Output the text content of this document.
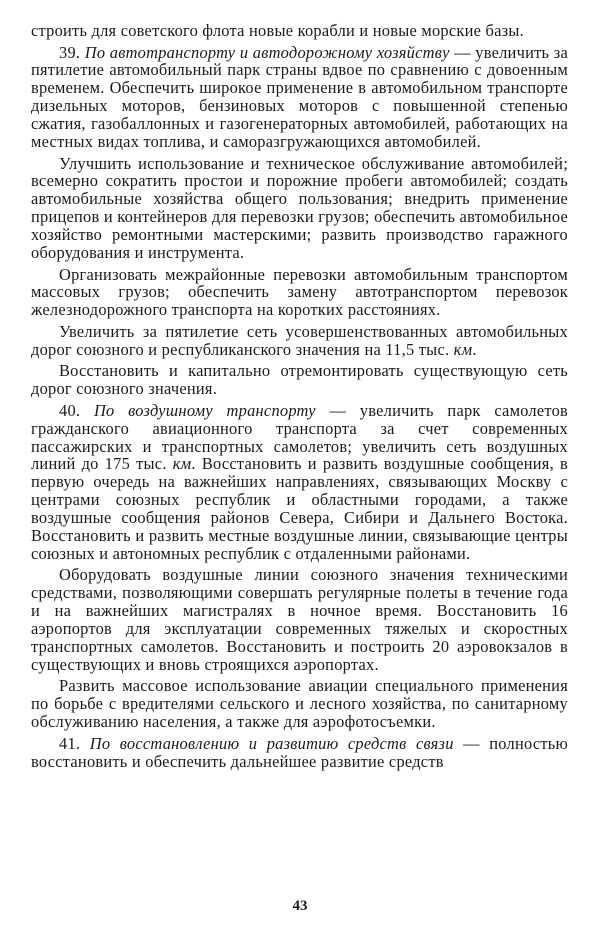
строить для советского флота новые корабли и новые морские базы.

39. По автотранспорту и автодорожному хозяйству — увеличить за пятилетие автомобильный парк страны вдвое по сравнению с довоенным временем. Обеспечить широкое применение в автомобильном транспорте дизельных моторов, бензиновых моторов с повышенной степенью сжатия, газобаллонных и газогенераторных автомобилей, работающих на местных видах топлива, и саморазгружающихся автомобилей.

Улучшить использование и техническое обслуживание автомобилей; всемерно сократить простои и порожние пробеги автомобилей; создать автомобильные хозяйства общего пользования; внедрить применение прицепов и контейнеров для перевозки грузов; обеспечить автомобильное хозяйство ремонтными мастерскими; развить производство гаражного оборудования и инструмента.

Организовать межрайонные перевозки автомобильным транспортом массовых грузов; обеспечить замену автотранспортом перевозок железнодорожного транспорта на коротких расстояниях.

Увеличить за пятилетие сеть усовершенствованных автомобильных дорог союзного и республиканского значения на 11,5 тыс. км.

Восстановить и капитально отремонтировать существующую сеть дорог союзного значения.

40. По воздушному транспорту — увеличить парк самолетов гражданского авиационного транспорта за счет современных пассажирских и транспортных самолетов; увеличить сеть воздушных линий до 175 тыс. км. Восстановить и развить воздушные сообщения, в первую очередь на важнейших направлениях, связывающих Москву с центрами союзных республик и областными городами, а также воздушные сообщения районов Севера, Сибири и Дальнего Востока. Восстановить и развить местные воздушные линии, связывающие центры союзных и автономных республик с отдаленными районами.

Оборудовать воздушные линии союзного значения техническими средствами, позволяющими совершать регулярные полеты в течение года и на важнейших магистралях в ночное время. Восстановить 16 аэропортов для эксплуатации современных тяжелых и скоростных транспортных самолетов. Восстановить и построить 20 аэровокзалов в существующих и вновь строящихся аэропортах.

Развить массовое использование авиации специального применения по борьбе с вредителями сельского и лесного хозяйства, по санитарному обслуживанию населения, а также для аэрофотосъемки.

41. По восстановлению и развитию средств связи — полностью восстановить и обеспечить дальнейшее развитие средств

43
